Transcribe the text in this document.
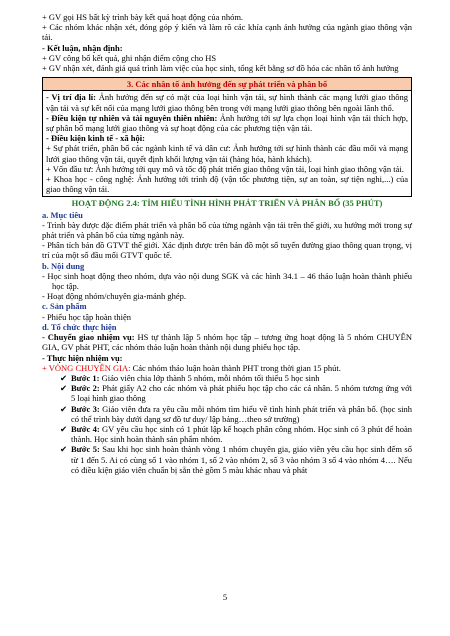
+ GV gọi HS bất kỳ trình bày kết quả hoạt động của nhóm.

+ Các nhóm khác nhận xét, đóng góp ý kiến và làm rõ các khía cạnh ảnh hưởng của ngành giao thông vận tải.

- Kết luận, nhận định:

+ GV công bố kết quả, ghi nhận điểm cộng cho HS

+ GV nhận xét, đánh giá quá trình làm việc của học sinh, tổng kết bằng sơ đồ hóa các nhân tố ảnh hưởng

3. Các nhân tố ảnh hưởng đến sự phát triển và phân bố

- Vị trí địa lí: Ảnh hưởng đến sự có mặt của loại hình vận tải, sự hình thành các mạng lưới giao thông vận tải và sự kết nối của mạng lưới giao thông bên trong với mạng lưới giao thông bên ngoài lãnh thổ.

- Điều kiện tự nhiên và tài nguyên thiên nhiên: Ảnh hưởng tới sự lựa chọn loại hình vận tải thích hợp, sự phân bố mạng lưới giao thông và sự hoạt động của các phương tiện vận tải.

- Điều kiện kinh tế - xã hội:

+ Sự phát triển, phân bố các ngành kinh tế và dân cư: Ảnh hưởng tới sự hình thành các đầu mối và mạng lưới giao thông vận tải, quyết định khối lượng vận tải (hàng hóa, hành khách).

+ Vốn đầu tư: Ảnh hưởng tới quy mô và tốc độ phát triển giao thông vận tải, loại hình giao thông vận tải.

+ Khoa học - công nghệ: Ảnh hưởng tới trình độ (vận tốc phương tiện, sự an toàn, sự tiện nghi,...) của giao thông vận tải.

HOẠT ĐỘNG 2.4: TÌM HIỂU TÌNH HÌNH PHÁT TRIỂN VÀ PHÂN BỐ (35 PHÚT)

a. Mục tiêu

- Trình bày được đặc điểm phát triển và phân bố của từng ngành vận tải trên thế giới, xu hướng mới trong sự phát triển và phân bố của từng ngành này.

- Phân tích bản đồ GTVT thế giới. Xác định được trên bản đồ một số tuyến đường giao thông quan trọng, vị trí của một số đầu mối GTVT quốc tế.

b. Nội dung

- Học sinh hoạt động theo nhóm, dựa vào nội dung SGK và các hình 34.1 – 46 thảo luận hoàn thành phiếu học tập.

- Hoạt động nhóm/chuyên gia-mảnh ghép.

c. Sản phẩm

- Phiếu học tập hoàn thiện

d. Tổ chức thực hiện

- Chuyển giao nhiệm vụ: HS tự thành lập 5 nhóm học tập – tương ứng hoạt động là 5 nhóm CHUYÊN GIA, GV phát PHT, các nhóm thảo luận hoàn thành nội dung phiếu học tập.

- Thực hiện nhiệm vụ:

+ VÒNG CHUYÊN GIA: Các nhóm thảo luận hoàn thành PHT trong thời gian 15 phút.

✔ Bước 1: Giáo viên chia lớp thành 5 nhóm, mỗi nhóm tối thiểu 5 học sinh
✔ Bước 2: Phát giấy A2 cho các nhóm và phát phiếu học tập cho các cá nhân. 5 nhóm tương ứng với 5 loại hình giao thông
✔ Bước 3: Giáo viên đưa ra yêu cầu mỗi nhóm tìm hiểu về tình hình phát triển và phân bố. (học sinh có thể trình bày dưới dạng sơ đồ tư duy/ lập bảng…theo sở trường)
✔ Bước 4: GV yêu cầu học sinh có 1 phút lập kế hoạch phân công nhóm. Học sinh có 3 phút để hoàn thành. Học sinh hoàn thành sản phẩm nhóm.
✔ Bước 5: Sau khi học sinh hoàn thành vòng 1 nhóm chuyên gia, giáo viên yêu cầu học sinh đếm số từ 1 đến 5. Ai có cùng số 1 vào nhóm 1, số 2 vào nhóm 2, số 3 vào nhóm 3 số 4 vào nhóm 4…. Nếu có điều kiện giáo viên chuẩn bị sẵn thẻ gồm 5 màu khác nhau và phát
5
